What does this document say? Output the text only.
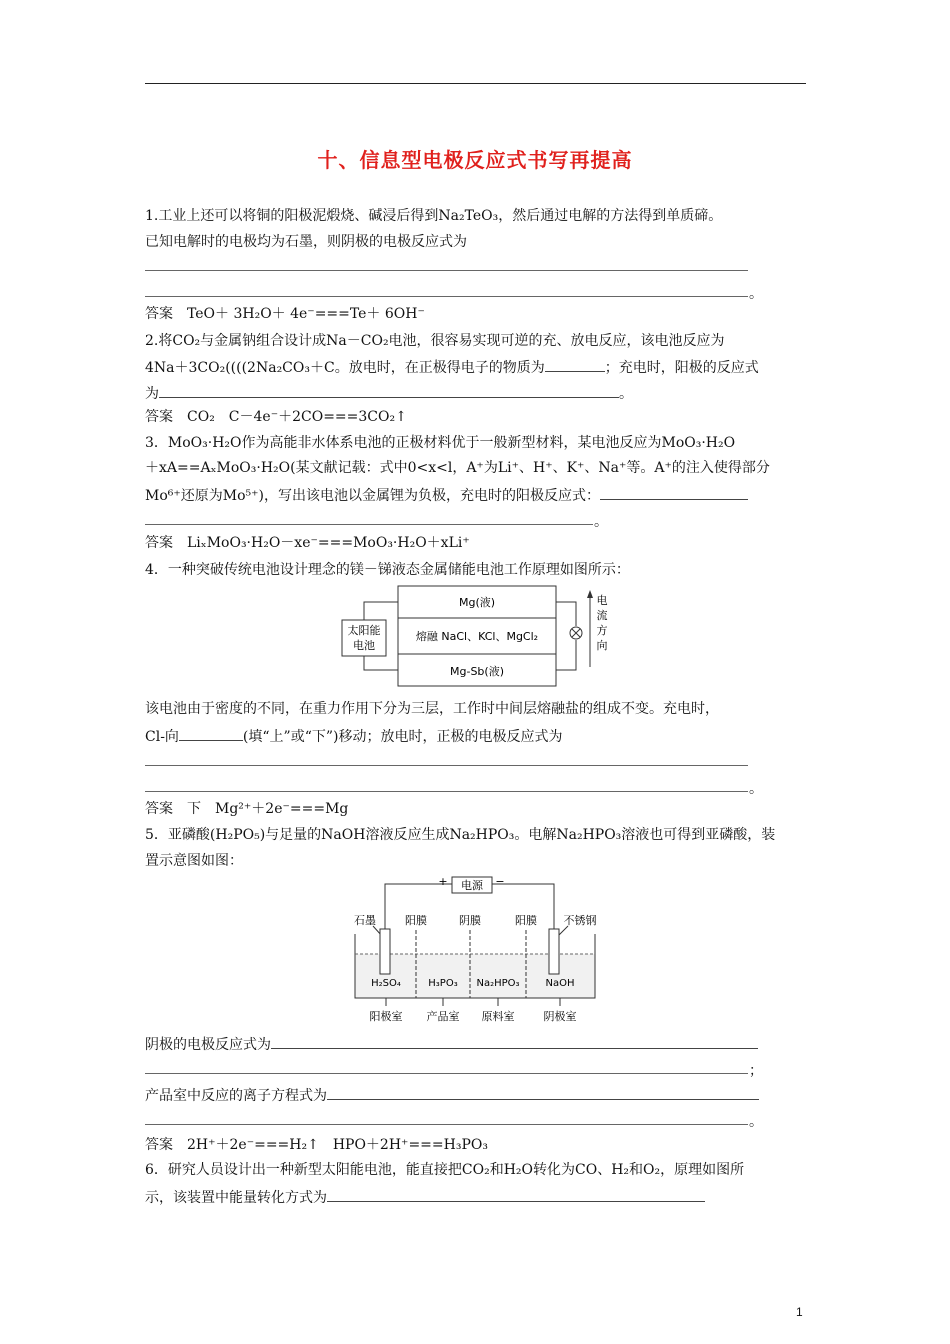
十、信息型电极反应式书写再提高
1.工业上还可以将铜的阳极泥煅烧、碱浸后得到Na₂TeO₃，然后通过电解的方法得到单质碲。
已知电解时的电极均为石墨，则阴极的电极反应式为
。
答案　TeO＋ 3H₂O＋ 4e⁻===Te＋ 6OH⁻
2.将CO₂与金属钠组合设计成Na－CO₂电池，很容易实现可逆的充、放电反应，该电池反应为
4Na＋3CO₂((((2Na₂CO₃＋C。放电时，在正极得电子的物质为	；充电时，阳极的反应式
为	。
答案　CO₂　C－4e⁻＋2CO===3CO₂↑
3．MoO₃·H₂O作为高能非水体系电池的正极材料优于一般新型材料，某电池反应为MoO₃·H₂O
＋xA==AₓMoO₃·H₂O(某文献记载：式中0<x<l，A⁺为Li⁺、H⁺、K⁺、Na⁺等。A⁺的注入使得部分
Mo⁶⁺还原为Mo⁵⁺)，写出该电池以金属锂为负极，充电时的阳极反应式：
。
答案　LiₓMoO₃·H₂O－xe⁻===MoO₃·H₂O＋xLi⁺
4．一种突破传统电池设计理念的镁－锑液态金属储能电池工作原理如图所示：
Mg(液)
熔融 NaCl、KCl、MgCl₂
Mg-Sb(液)
太阳能
电池
电
流
方
向
该电池由于密度的不同，在重力作用下分为三层，工作时中间层熔融盐的组成不变。充电时，
Cl-向	(填“上”或“下”)移动；放电时，正极的电极反应式为
。
答案　下　Mg²⁺＋2e⁻===Mg
5．亚磷酸(H₂PO₅)与足量的NaOH溶液反应生成Na₂HPO₃。电解Na₂HPO₃溶液也可得到亚磷酸，装
置示意图如图：
电源
+	−
石墨	阳膜	阴膜	阳膜 不锈钢
H₂SO₄	H₃PO₃ Na₂HPO₃	NaOH
阳极室 产品室 原料室	阴极室
阴极的电极反应式为
；
产品室中反应的离子方程式为
。
答案　2H⁺＋2e⁻===H₂↑　HPO＋2H⁺===H₃PO₃
6．研究人员设计出一种新型太阳能电池，能直接把CO₂和H₂O转化为CO、H₂和O₂，原理如图所
示，该装置中能量转化方式为
1
